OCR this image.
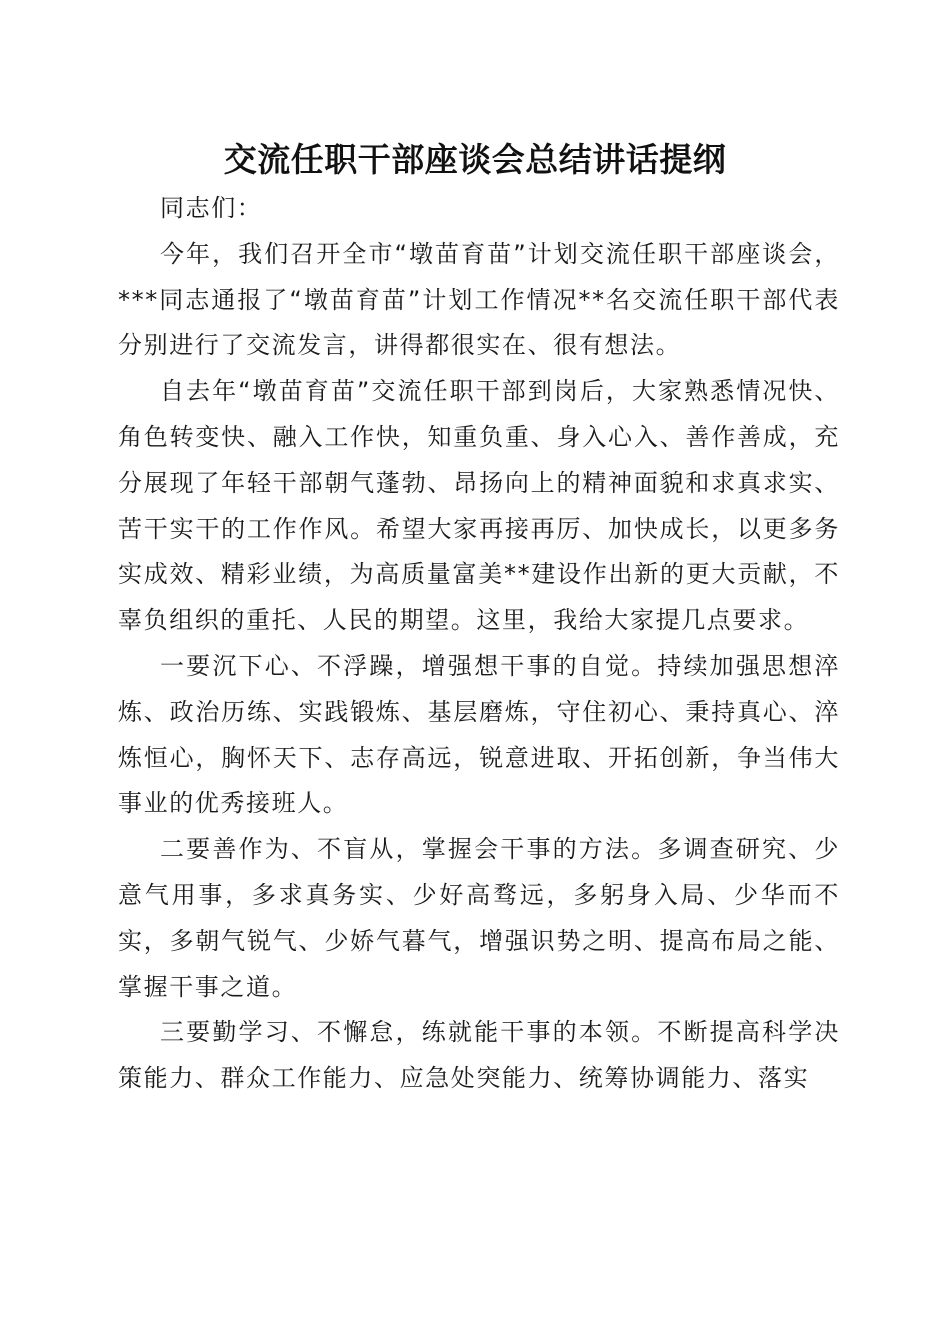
交流任职干部座谈会总结讲话提纲

同志们：

今年，我们召开全市“墩苗育苗”计划交流任职干部座谈会，***同志通报了“墩苗育苗”计划工作情况**名交流任职干部代表分别进行了交流发言，讲得都很实在、很有想法。

自去年“墩苗育苗”交流任职干部到岗后，大家熟悉情况快、角色转变快、融入工作快，知重负重、身入心入、善作善成，充分展现了年轻干部朝气蓬勃、昂扬向上的精神面貌和求真求实、苦干实干的工作作风。希望大家再接再厉、加快成长，以更多务实成效、精彩业绩，为高质量富美**建设作出新的更大贡献，不辜负组织的重托、人民的期望。这里，我给大家提几点要求。

一要沉下心、不浮躁，增强想干事的自觉。持续加强思想淬炼、政治历练、实践锻炼、基层磨炼，守住初心、秉持真心、淬炼恒心，胸怀天下、志存高远，锐意进取、开拓创新，争当伟大事业的优秀接班人。

二要善作为、不盲从，掌握会干事的方法。多调查研究、少意气用事，多求真务实、少好高骛远，多躬身入局、少华而不实，多朝气锐气、少娇气暮气，增强识势之明、提高布局之能、掌握干事之道。

三要勤学习、不懈怠，练就能干事的本领。不断提高科学决策能力、群众工作能力、应急处突能力、统筹协调能力、落实
